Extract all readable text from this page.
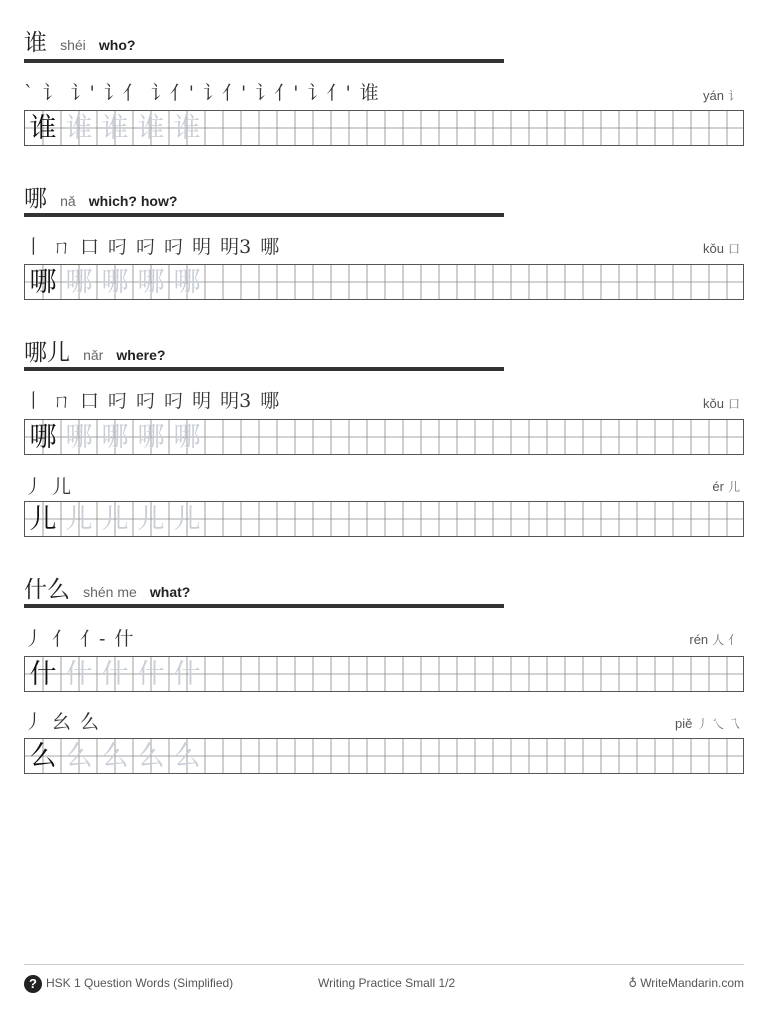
谁 shéi who?
` 讠 讠' 讠亻 讠亻' 讠亻' 讠亻' 讠亻' 谁	yán 讠
谁 谁 谁 谁 谁
哪 nǎ which? how?
丨 ㄇ 口 叼 叼 叼 明 明3 哪	kǒu 口
哪 哪 哪 哪 哪
哪儿 nǎr where?
丨 ㄇ 口 叼 叼 叼 明 明3 哪	kǒu 口
哪 哪 哪 哪 哪
丿 儿	ér 儿
儿 儿 儿 儿 儿
什么 shén me what?
丿 亻 亻- 什	rén 人 亻
什 什 什 什 什
丿 幺 么	piě 丿 乀 乁
么 么 么 么 么
? HSK 1 Question Words (Simplified)	Writing Practice Small 1/2	♁ WriteMandarin.com
